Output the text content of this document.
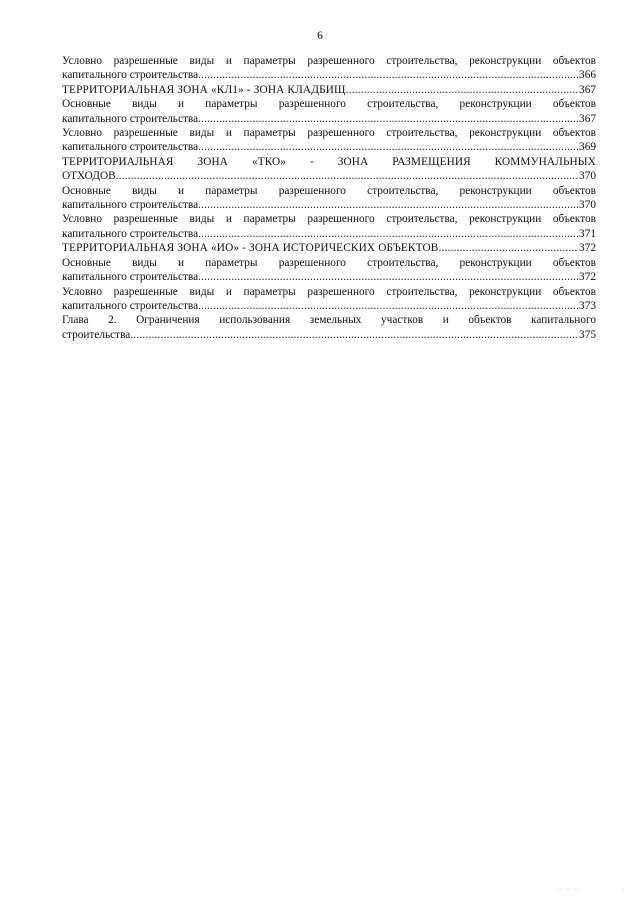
6
Условно разрешенные виды и параметры разрешенного строительства, реконструкции объектов
капитального строительства .....	366
ТЕРРИТОРИАЛЬНАЯ ЗОНА «КЛ1» - ЗОНА КЛАДБИЩ .....	367
Основные виды и параметры разрешенного строительства, реконструкции объектов
капитального строительства .....	367
Условно разрешенные виды и параметры разрешенного строительства, реконструкции объектов
капитального строительства .....	369
ТЕРРИТОРИАЛЬНАЯ ЗОНА «ТКО» - ЗОНА РАЗМЕЩЕНИЯ КОММУНАЛЬНЫХ
ОТХОДОВ .....	370
Основные виды и параметры разрешенного строительства, реконструкции объектов
капитального строительства .....	370
Условно разрешенные виды и параметры разрешенного строительства, реконструкции объектов
капитального строительства .....	371
ТЕРРИТОРИАЛЬНАЯ ЗОНА «ИО» - ЗОНА ИСТОРИЧЕСКИХ ОБЪЕКТОВ .....	372
Основные виды и параметры разрешенного строительства, реконструкции объектов
капитального строительства .....	372
Условно разрешенные виды и параметры разрешенного строительства, реконструкции объектов
капитального строительства .....	373
Глава 2. Ограничения использования земельных участков и объектов капитального
строительства .....	375
·· ·· ··	·
